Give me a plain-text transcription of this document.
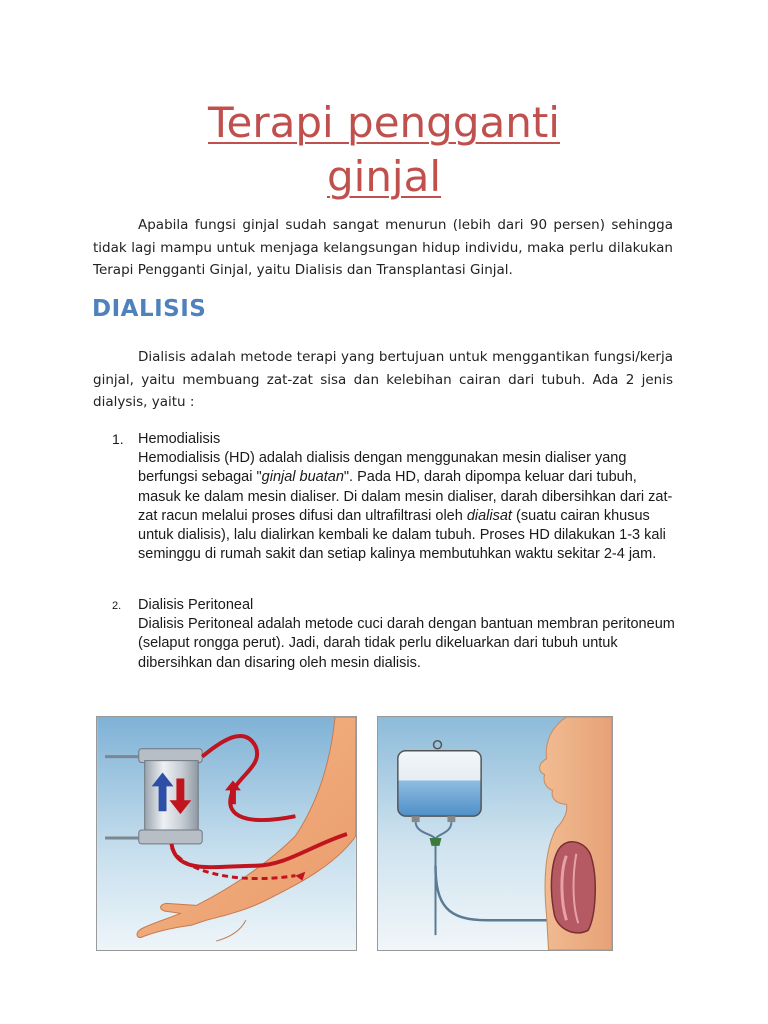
Terapi pengganti
ginjal

Apabila fungsi ginjal sudah sangat menurun (lebih dari 90 persen) sehingga tidak lagi mampu untuk menjaga kelangsungan hidup individu, maka perlu dilakukan Terapi Pengganti Ginjal, yaitu Dialisis dan Transplantasi Ginjal.

DIALISIS

Dialisis adalah metode terapi yang bertujuan untuk menggantikan fungsi/kerja ginjal, yaitu membuang zat-zat sisa dan kelebihan cairan dari tubuh. Ada 2 jenis dialysis, yaitu :

1. Hemodialisis
Hemodialisis (HD) adalah dialisis dengan menggunakan mesin dialiser yang berfungsi sebagai "ginjal buatan". Pada HD, darah dipompa keluar dari tubuh, masuk ke dalam mesin dialiser. Di dalam mesin dialiser, darah dibersihkan dari zat-zat racun melalui proses difusi dan ultrafiltrasi oleh dialisat (suatu cairan khusus untuk dialisis), lalu dialirkan kembali ke dalam tubuh. Proses HD dilakukan 1-3 kali seminggu di rumah sakit dan setiap kalinya membutuhkan waktu sekitar 2-4 jam.
2. Dialisis Peritoneal
Dialisis Peritoneal adalah metode cuci darah dengan bantuan membran peritoneum (selaput rongga perut). Jadi, darah tidak perlu dikeluarkan dari tubuh untuk dibersihkan dan disaring oleh mesin dialisis.
